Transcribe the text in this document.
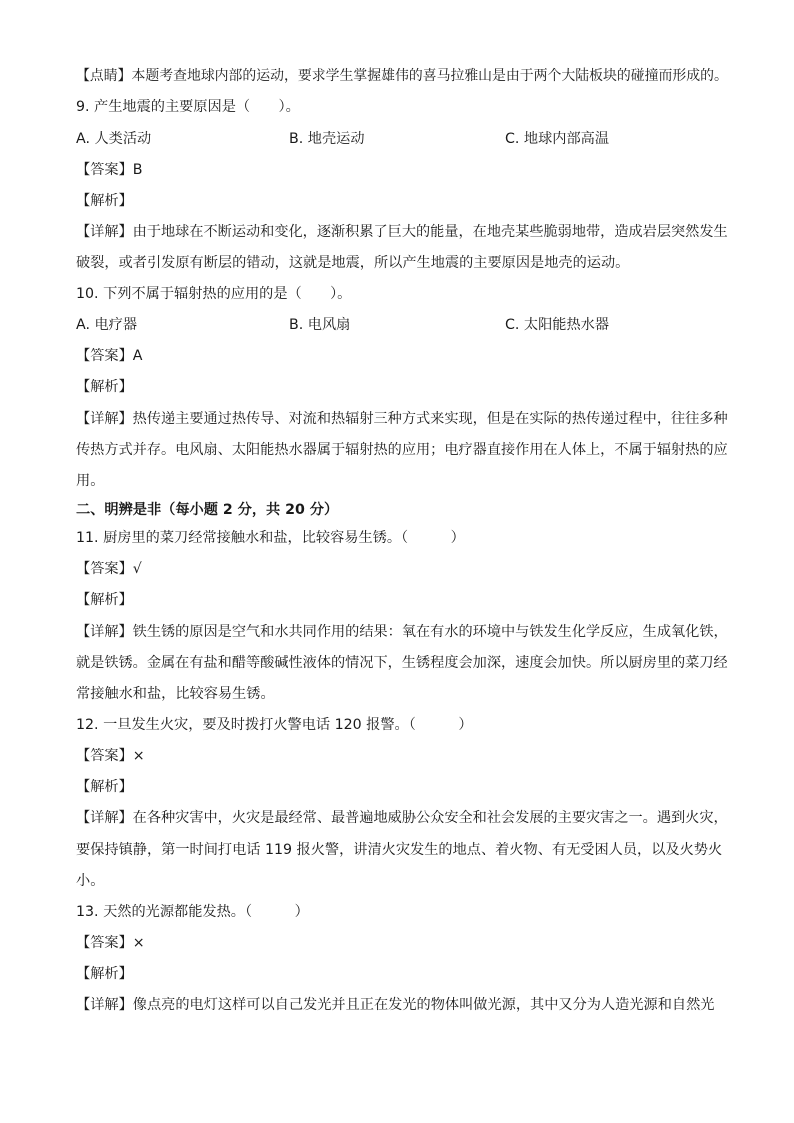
【点睛】本题考查地球内部的运动，要求学生掌握雄伟的喜马拉雅山是由于两个大陆板块的碰撞而形成的。
9. 产生地震的主要原因是（　　）。
A. 人类活动	B. 地壳运动	C. 地球内部高温
【答案】B
【解析】
【详解】由于地球在不断运动和变化，逐渐积累了巨大的能量，在地壳某些脆弱地带，造成岩层突然发生
破裂，或者引发原有断层的错动，这就是地震，所以产生地震的主要原因是地壳的运动。
10. 下列不属于辐射热的应用的是（　　）。
A. 电疗器	B. 电风扇	C. 太阳能热水器
【答案】A
【解析】
【详解】热传递主要通过热传导、对流和热辐射三种方式来实现，但是在实际的热传递过程中，往往多种
传热方式并存。电风扇、太阳能热水器属于辐射热的应用；电疗器直接作用在人体上，不属于辐射热的应
用。
二、明辨是非（每小题 2 分，共 20 分）
11. 厨房里的菜刀经常接触水和盐，比较容易生锈。（　　　）
【答案】√
【解析】
【详解】铁生锈的原因是空气和水共同作用的结果：氧在有水的环境中与铁发生化学反应，生成氧化铁，
就是铁锈。金属在有盐和醋等酸碱性液体的情况下，生锈程度会加深，速度会加快。所以厨房里的菜刀经
常接触水和盐，比较容易生锈。
12. 一旦发生火灾，要及时拨打火警电话 120 报警。（　　　）
【答案】×
【解析】
【详解】在各种灾害中，火灾是最经常、最普遍地威胁公众安全和社会发展的主要灾害之一。遇到火灾，
要保持镇静，第一时间打电话 119 报火警，讲清火灾发生的地点、着火物、有无受困人员，以及火势火
小。
13. 天然的光源都能发热。（　　　）
【答案】×
【解析】
【详解】像点亮的电灯这样可以自己发光并且正在发光的物体叫做光源，其中又分为人造光源和自然光
